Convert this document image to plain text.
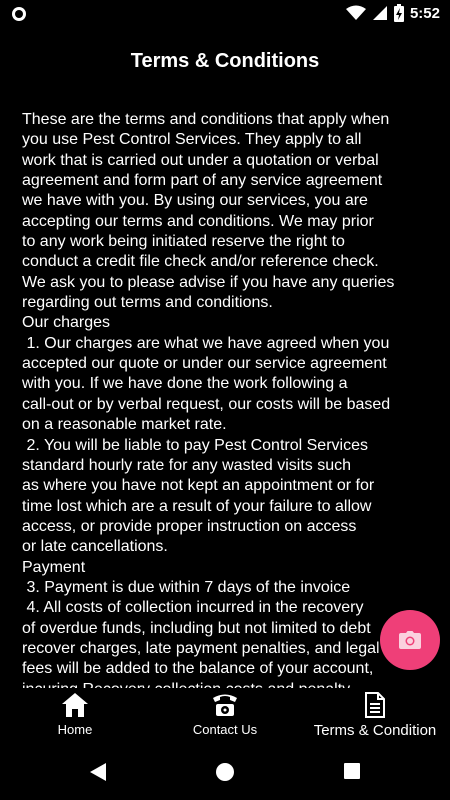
5:52
Terms & Conditions
These are the terms and conditions that apply when
you use Pest Control Services. They apply to all
work that is carried out under a quotation or verbal
agreement and form part of any service agreement
we have with you. By using our services, you are
accepting our terms and conditions. We may prior
to any work being initiated reserve the right to
conduct a credit file check and/or reference check.
We ask you to please advise if you have any queries
regarding out terms and conditions.
Our charges
1. Our charges are what we have agreed when you
accepted our quote or under our service agreement
with you. If we have done the work following a
call-out or by verbal request, our costs will be based
on a reasonable market rate.
2. You will be liable to pay Pest Control Services
standard hourly rate for any wasted visits such
as where you have not kept an appointment or for
time lost which are a result of your failure to allow
access, or provide proper instruction on access
or late cancellations.
Payment
3. Payment is due within 7 days of the invoice
4. All costs of collection incurred in the recovery
of overdue funds, including but not limited to debt
recover charges, late payment penalties, and legal
fees will be added to the balance of your account,

Home	Contact Us	Terms & Condition
